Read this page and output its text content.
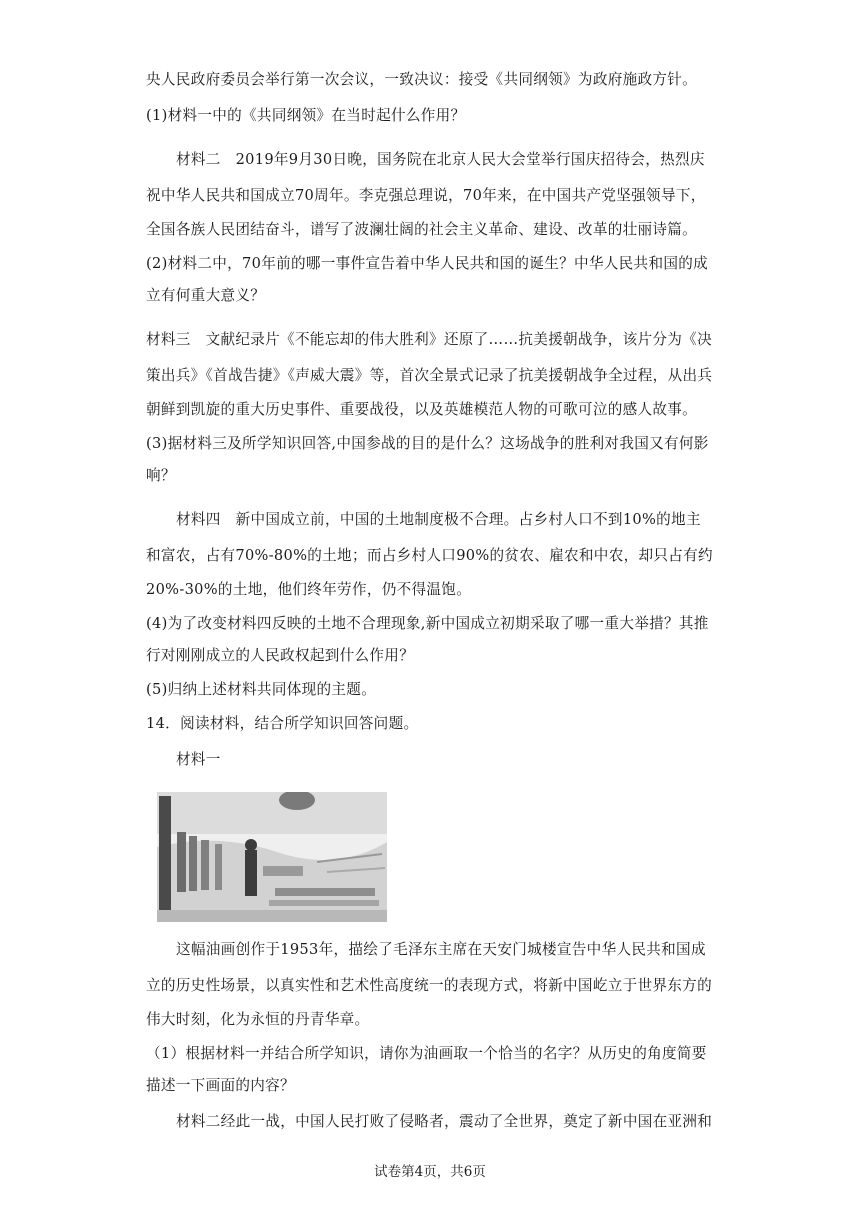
央人民政府委员会举行第一次会议，一致决议：接受《共同纲领》为政府施政方针。
(1)材料一中的《共同纲领》在当时起什么作用？
材料二　2019年9月30日晚，国务院在北京人民大会堂举行国庆招待会，热烈庆
祝中华人民共和国成立70周年。李克强总理说，70年来，在中国共产党坚强领导下，
全国各族人民团结奋斗，谱写了波澜壮阔的社会主义革命、建设、改革的壮丽诗篇。
(2)材料二中，70年前的哪一事件宣告着中华人民共和国的诞生？中华人民共和国的成
立有何重大意义？
材料三　文献纪录片《不能忘却的伟大胜利》还原了……抗美援朝战争，该片分为《决
策出兵》《首战告捷》《声威大震》等，首次全景式记录了抗美援朝战争全过程，从出兵
朝鲜到凯旋的重大历史事件、重要战役，以及英雄模范人物的可歌可泣的感人故事。
(3)据材料三及所学知识回答,中国参战的目的是什么？这场战争的胜利对我国又有何影
响？
材料四　新中国成立前，中国的土地制度极不合理。占乡村人口不到10%的地主
和富农，占有70%-80%的土地；而占乡村人口90%的贫农、雇农和中农，却只占有约
20%-30%的土地，他们终年劳作，仍不得温饱。
(4)为了改变材料四反映的土地不合理现象,新中国成立初期采取了哪一重大举措？其推
行对刚刚成立的人民政权起到什么作用？
(5)归纳上述材料共同体现的主题。
14．阅读材料，结合所学知识回答问题。
材料一
这幅油画创作于1953年，描绘了毛泽东主席在天安门城楼宣告中华人民共和国成
立的历史性场景，以真实性和艺术性高度统一的表现方式，将新中国屹立于世界东方的
伟大时刻，化为永恒的丹青华章。
（1）根据材料一并结合所学知识，请你为油画取一个恰当的名字？从历史的角度简要
描述一下画面的内容？
材料二经此一战，中国人民打败了侵略者，震动了全世界，奠定了新中国在亚洲和
试卷第4页，共6页
